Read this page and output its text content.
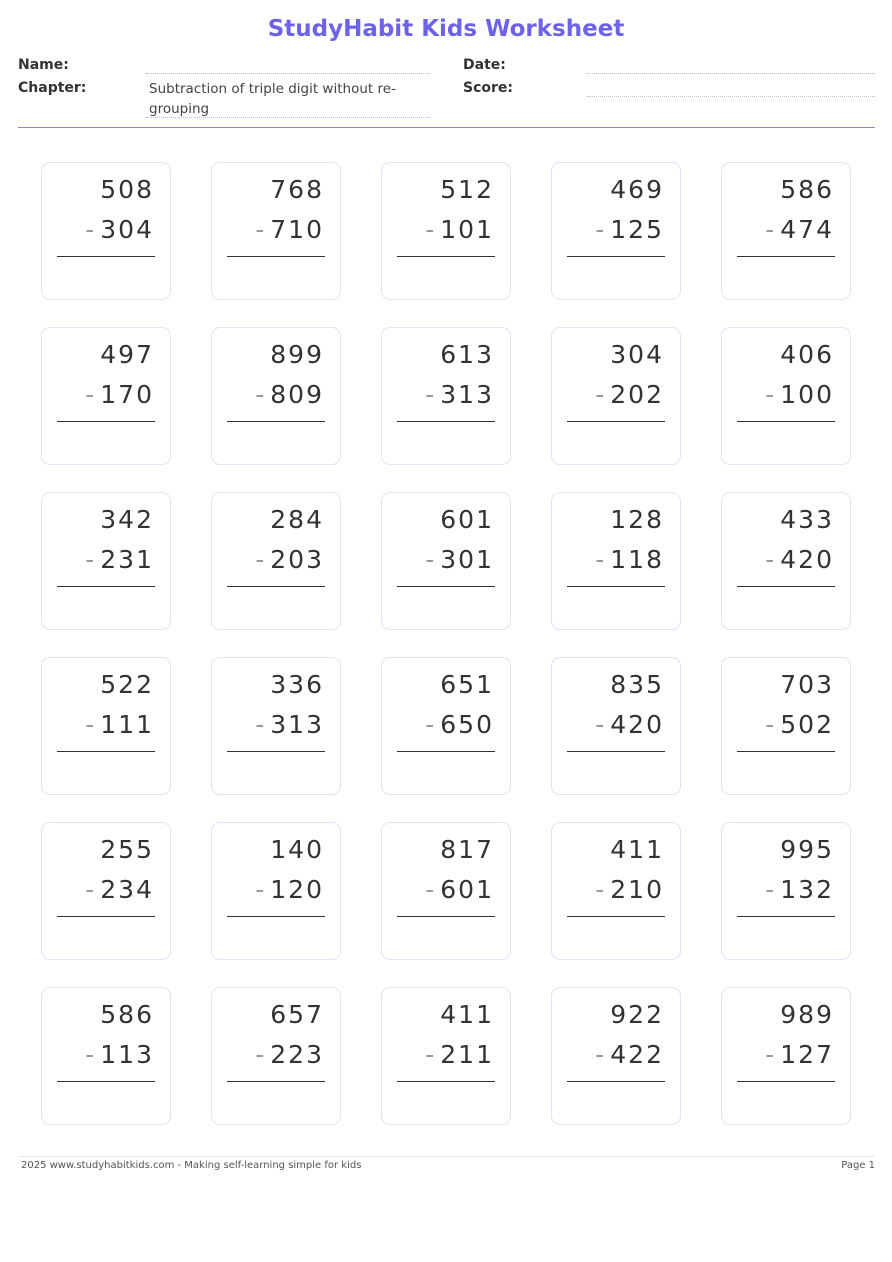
StudyHabit Kids Worksheet
Name:
Chapter:	Subtraction of triple digit without re-
grouping
Date:
Score:
508
- 304
768
- 710
512
- 101
469
- 125
586
- 474
497
- 170
899
- 809
613
- 313
304
- 202
406
- 100
342
- 231
284
- 203
601
- 301
128
- 118
433
- 420
522
- 111
336
- 313
651
- 650
835
- 420
703
- 502
255
- 234
140
- 120
817
- 601
411
- 210
995
- 132
586
- 113
657
- 223
411
- 211
922
- 422
989
- 127
2025 www.studyhabitkids.com - Making self-learning simple for kids	Page 1
